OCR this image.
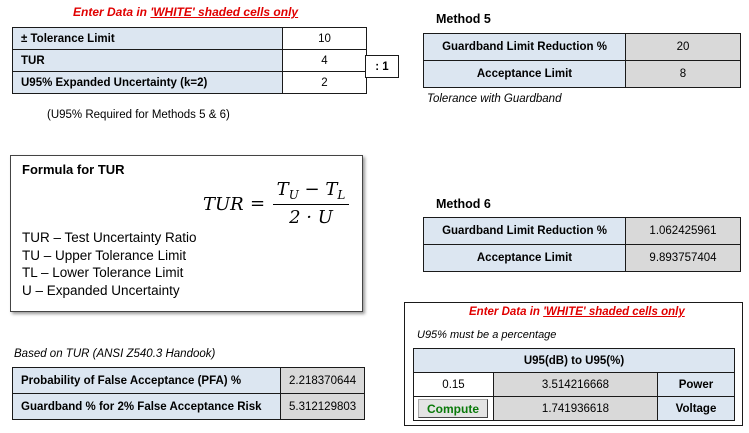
Enter Data in 'WHITE' shaded cells only
± Tolerance Limit	10
TUR	4
U95% Expanded Uncertainty (k=2)	2
: 1
(U95% Required for Methods 5 & 6)
Formula for TUR
TUR =
$T_U - T_L$
2 · U
TUR – Test Uncertainty Ratio
TU – Upper Tolerance Limit
TL – Lower Tolerance Limit
U – Expanded Uncertainty
Method 5
Guardband Limit Reduction %	20
Acceptance Limit	8
Tolerance with Guardband
Method 6
Guardband Limit Reduction %	1.062425961
Acceptance Limit	9.893757404
Based on TUR (ANSI Z540.3 Handook)
Probability of False Acceptance (PFA) %	2.218370644
Guardband % for 2% False Acceptance Risk	5.312129803
Enter Data in 'WHITE' shaded cells only
U95% must be a percentage
U95(dB) to U95(%)		
0.15	3.514216668	Power

Compute	1.741936618	Voltage
